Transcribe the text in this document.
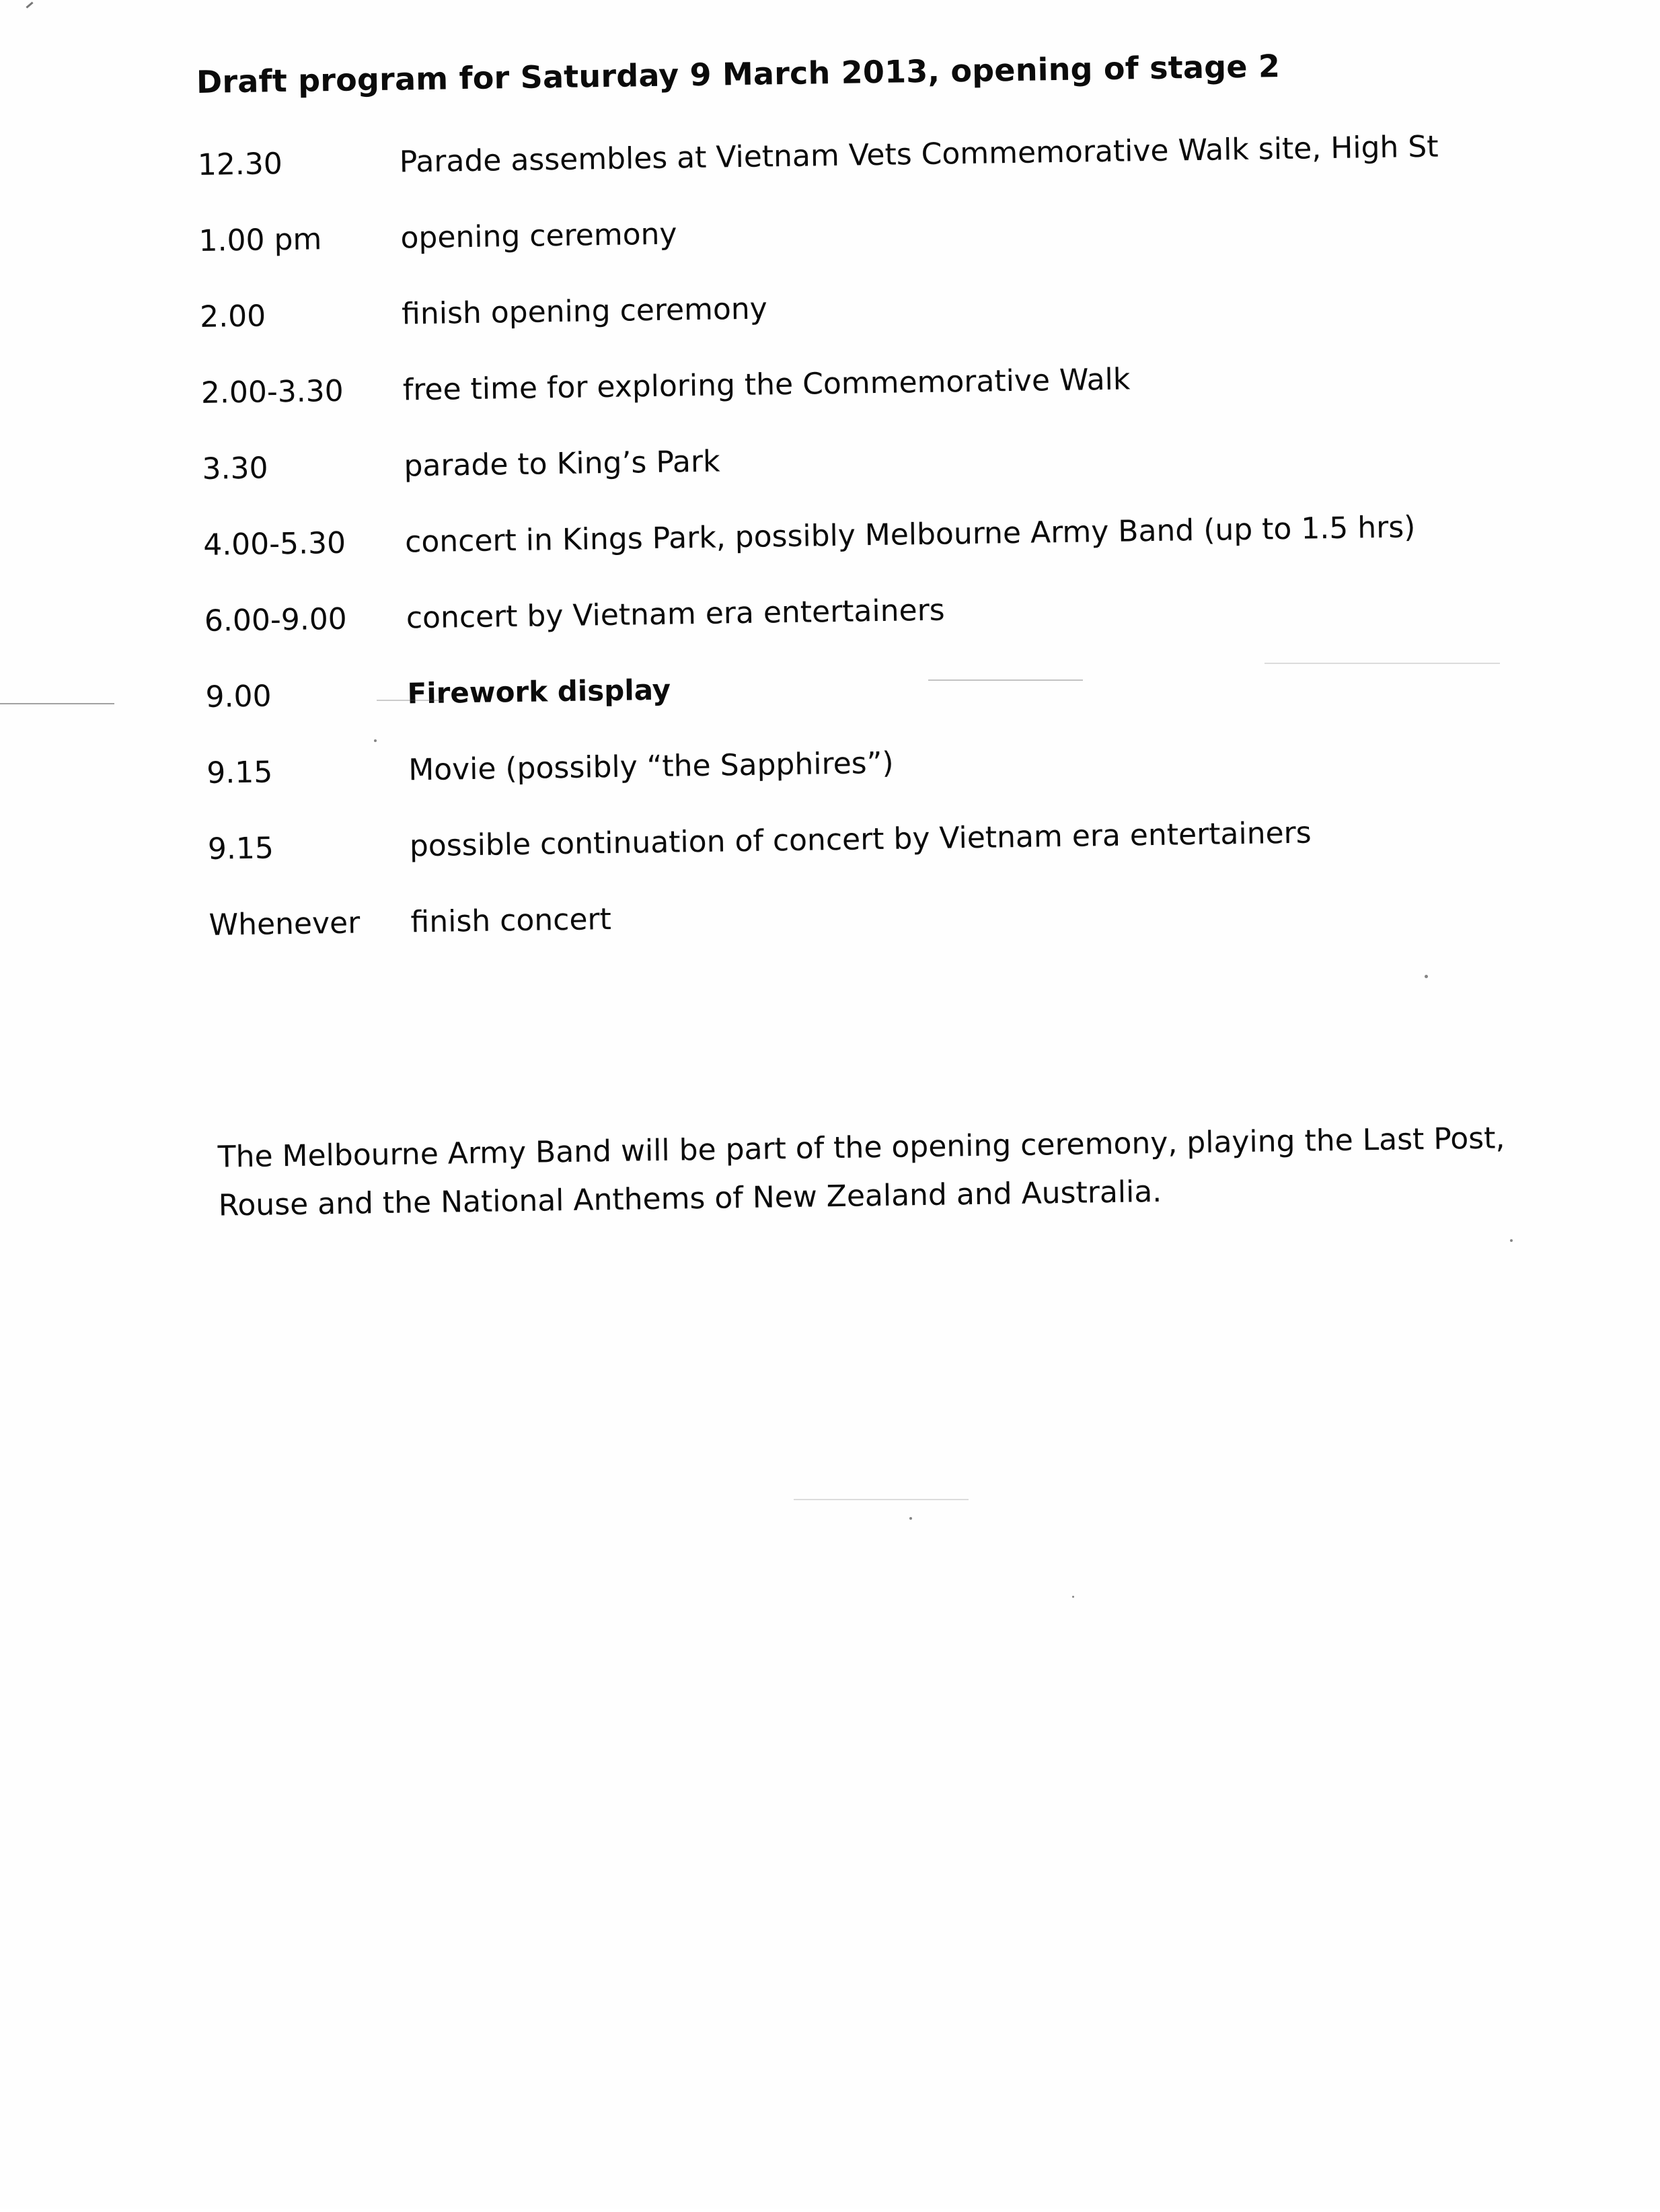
Draft program for Saturday 9 March 2013, opening of stage 2
12.30	Parade assembles at Vietnam Vets Commemorative Walk site, High St
1.00 pm	opening ceremony
2.00	finish opening ceremony
2.00-3.30 free time for exploring the Commemorative Walk
3.30	parade to King’s Park
4.00-5.30 concert in Kings Park, possibly Melbourne Army Band (up to 1.5 hrs)
6.00-9.00 concert by Vietnam era entertainers
9.00	Firework display
9.15	Movie (possibly “the Sapphires”)
9.15	possible continuation of concert by Vietnam era entertainers
Whenever finish concert
The Melbourne Army Band will be part of the opening ceremony, playing the Last Post,
Rouse and the National Anthems of New Zealand and Australia.
